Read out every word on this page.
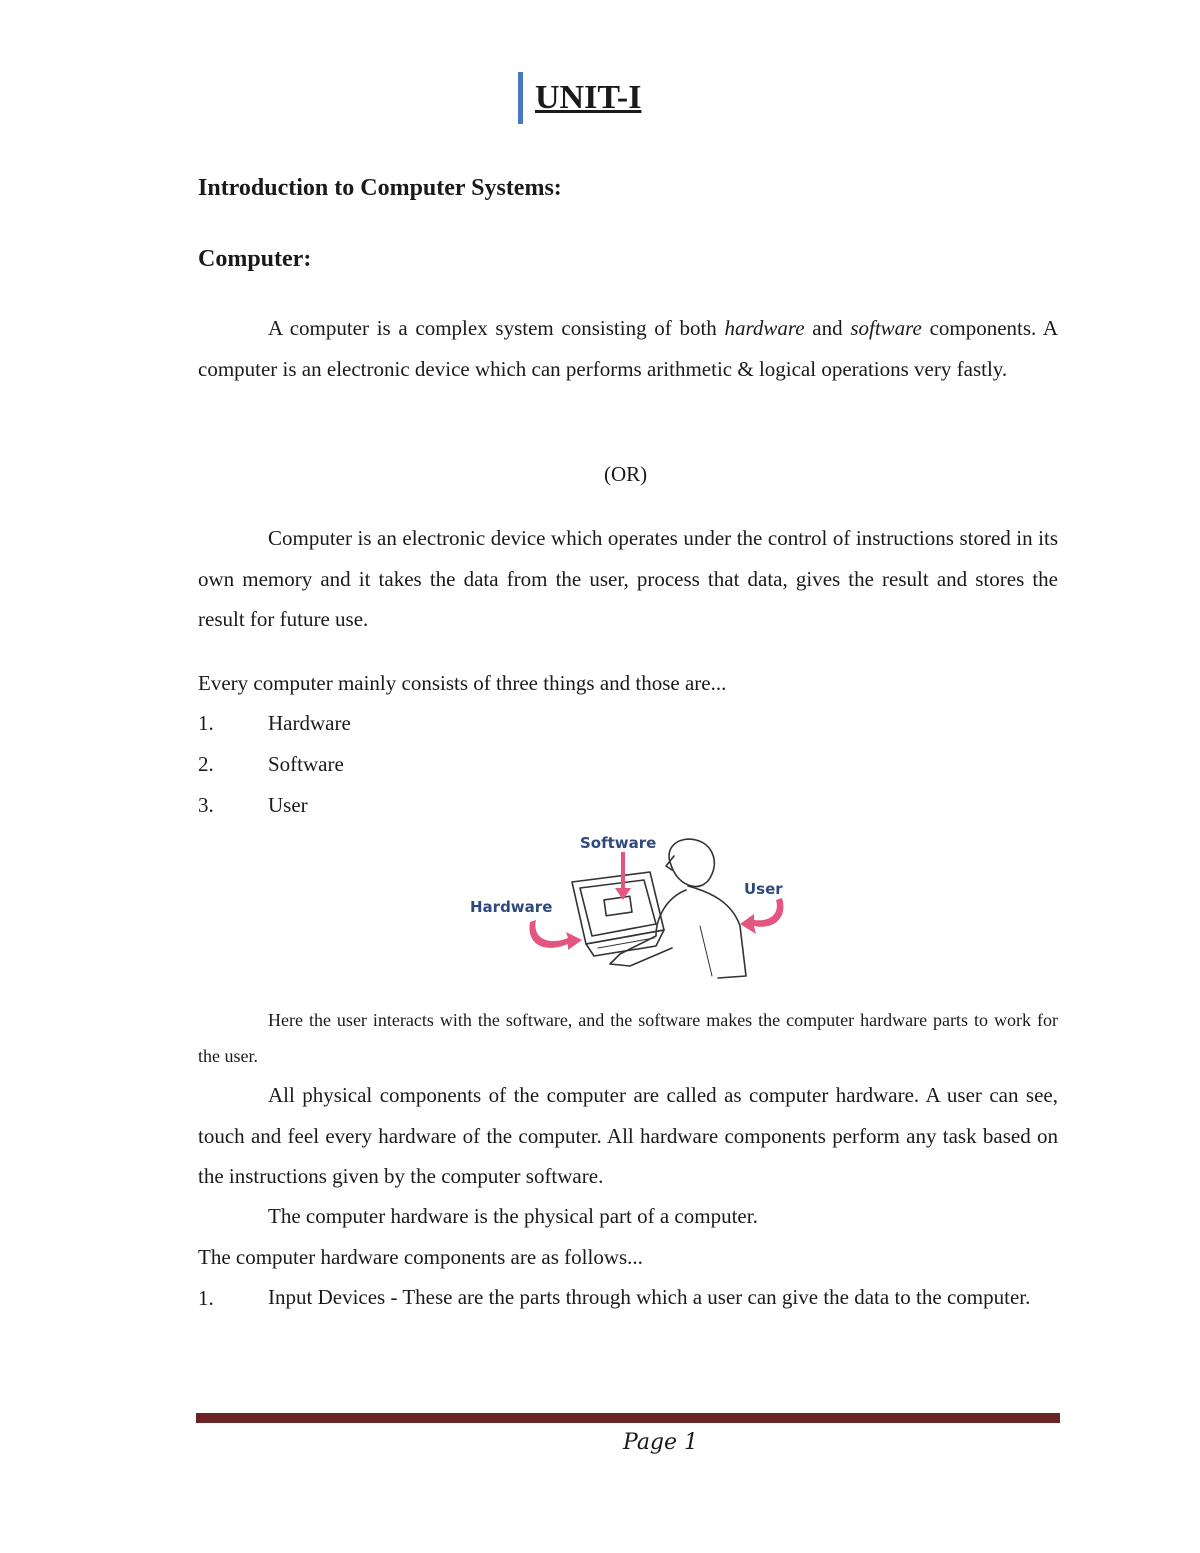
UNIT-I
Introduction to Computer Systems:
Computer:
A computer is a complex system consisting of both hardware and software components. A computer is an electronic device which can performs arithmetic & logical operations very fastly.
(OR)
Computer is an electronic device which operates under the control of instructions stored in its own memory and it takes the data from the user, process that data, gives the result and stores the result for future use.
Every computer mainly consists of three things and those are...
1.	Hardware
2.	Software
3.	User
Software
Hardware
User
Here the user interacts with the software, and the software makes the computer hardware parts to work for the user.
All physical components of the computer are called as computer hardware. A user can see, touch and feel every hardware of the computer. All hardware components perform any task based on the instructions given by the computer software.
The computer hardware is the physical part of a computer.
The computer hardware components are as follows...
1.	Input Devices - These are the parts through which a user can give the data to the computer.
Page 1
